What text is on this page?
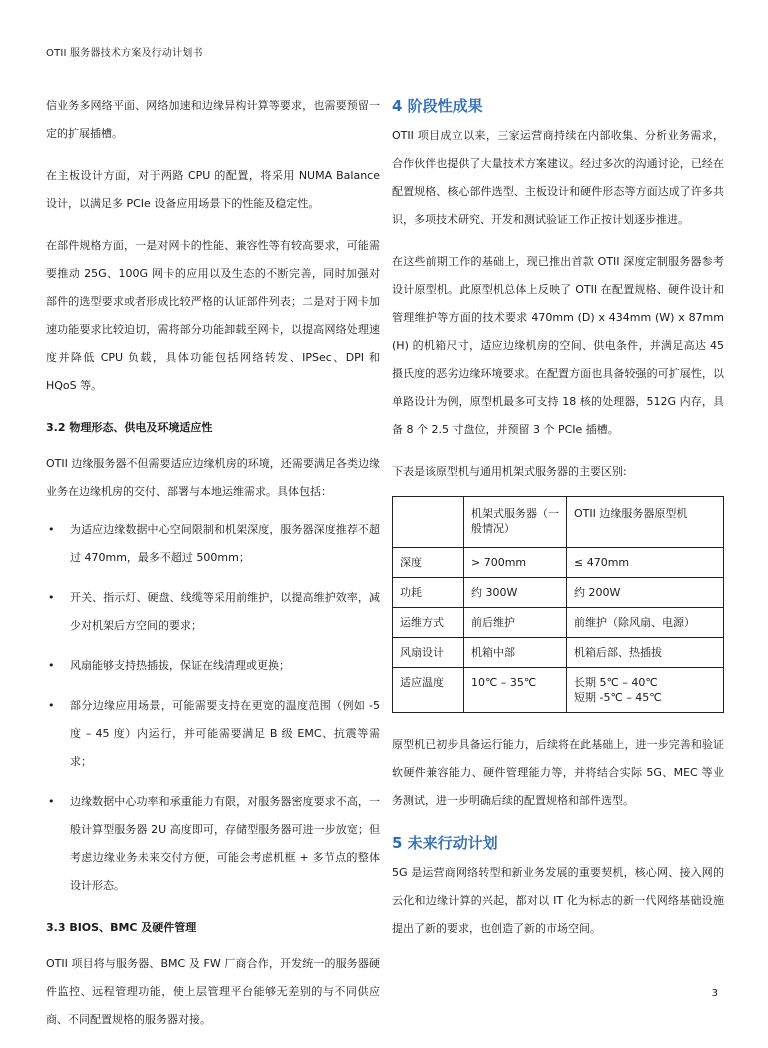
OTII 服务器技术方案及行动计划书

信业务多网络平面、网络加速和边缘异构计算等要求，也需要预留一定的扩展插槽。

在主板设计方面，对于两路 CPU 的配置，将采用 NUMA Balance 设计，以满足多 PCIe 设备应用场景下的性能及稳定性。

在部件规格方面，一是对网卡的性能、兼容性等有较高要求，可能需要推动 25G、100G 网卡的应用以及生态的不断完善，同时加强对部件的选型要求或者形成比较严格的认证部件列表；二是对于网卡加速功能要求比较迫切，需将部分功能卸载至网卡，以提高网络处理速度并降低 CPU 负载，具体功能包括网络转发、IPSec、DPI 和 HQoS 等。

3.2 物理形态、供电及环境适应性

OTII 边缘服务器不但需要适应边缘机房的环境，还需要满足各类边缘业务在边缘机房的交付、部署与本地运维需求。具体包括：

• 为适应边缘数据中心空间限制和机架深度，服务器深度推荐不超过 470mm，最多不超过 500mm；
• 开关、指示灯、硬盘、线缆等采用前维护，以提高维护效率，减少对机架后方空间的要求；
• 风扇能够支持热插拔，保证在线清理或更换；
• 部分边缘应用场景，可能需要支持在更宽的温度范围（例如 -5 度 – 45 度）内运行，并可能需要满足 B 级 EMC、抗震等需求；
• 边缘数据中心功率和承重能力有限，对服务器密度要求不高，一般计算型服务器 2U 高度即可，存储型服务器可进一步放宽；但考虑边缘业务未来交付方便，可能会考虑机框 + 多节点的整体设计形态。
3.3 BIOS、BMC 及硬件管理

OTII 项目将与服务器、BMC 及 FW 厂商合作，开发统一的服务器硬件监控、远程管理功能，使上层管理平台能够无差别的与不同供应商、不同配置规格的服务器对接。

4 阶段性成果

OTII 项目成立以来，三家运营商持续在内部收集、分析业务需求，合作伙伴也提供了大量技术方案建议。经过多次的沟通讨论，已经在配置规格、核心部件选型、主板设计和硬件形态等方面达成了许多共识，多项技术研究、开发和测试验证工作正按计划逐步推进。

在这些前期工作的基础上，现已推出首款 OTII 深度定制服务器参考设计原型机。此原型机总体上反映了 OTII 在配置规格、硬件设计和管理维护等方面的技术要求 470mm (D) x 434mm (W) x 87mm (H) 的机箱尺寸，适应边缘机房的空间、供电条件，并满足高达 45 摄氏度的恶劣边缘环境要求。在配置方面也具备较强的可扩展性，以单路设计为例，原型机最多可支持 18 核的处理器，512G 内存，具备 8 个 2.5 寸盘位，并预留 3 个 PCIe 插槽。

下表是该原型机与通用机架式服务器的主要区别:

	机架式服务器（一般情况）	OTII 边缘服务器原型机
深度	> 700mm	≤ 470mm
功耗	约 300W	约 200W
运维方式	前后维护	前维护（除风扇、电源）
风扇设计	机箱中部	机箱后部、热插拔
适应温度	10℃ – 35℃	长期 5℃ – 40℃
短期 -5℃ – 45℃

原型机已初步具备运行能力，后续将在此基础上，进一步完善和验证软硬件兼容能力、硬件管理能力等，并将结合实际 5G、MEC 等业务测试，进一步明确后续的配置规格和部件选型。

5 未来行动计划

5G 是运营商网络转型和新业务发展的重要契机，核心网、接入网的云化和边缘计算的兴起，都对以 IT 化为标志的新一代网络基础设施提出了新的要求，也创造了新的市场空间。

3
